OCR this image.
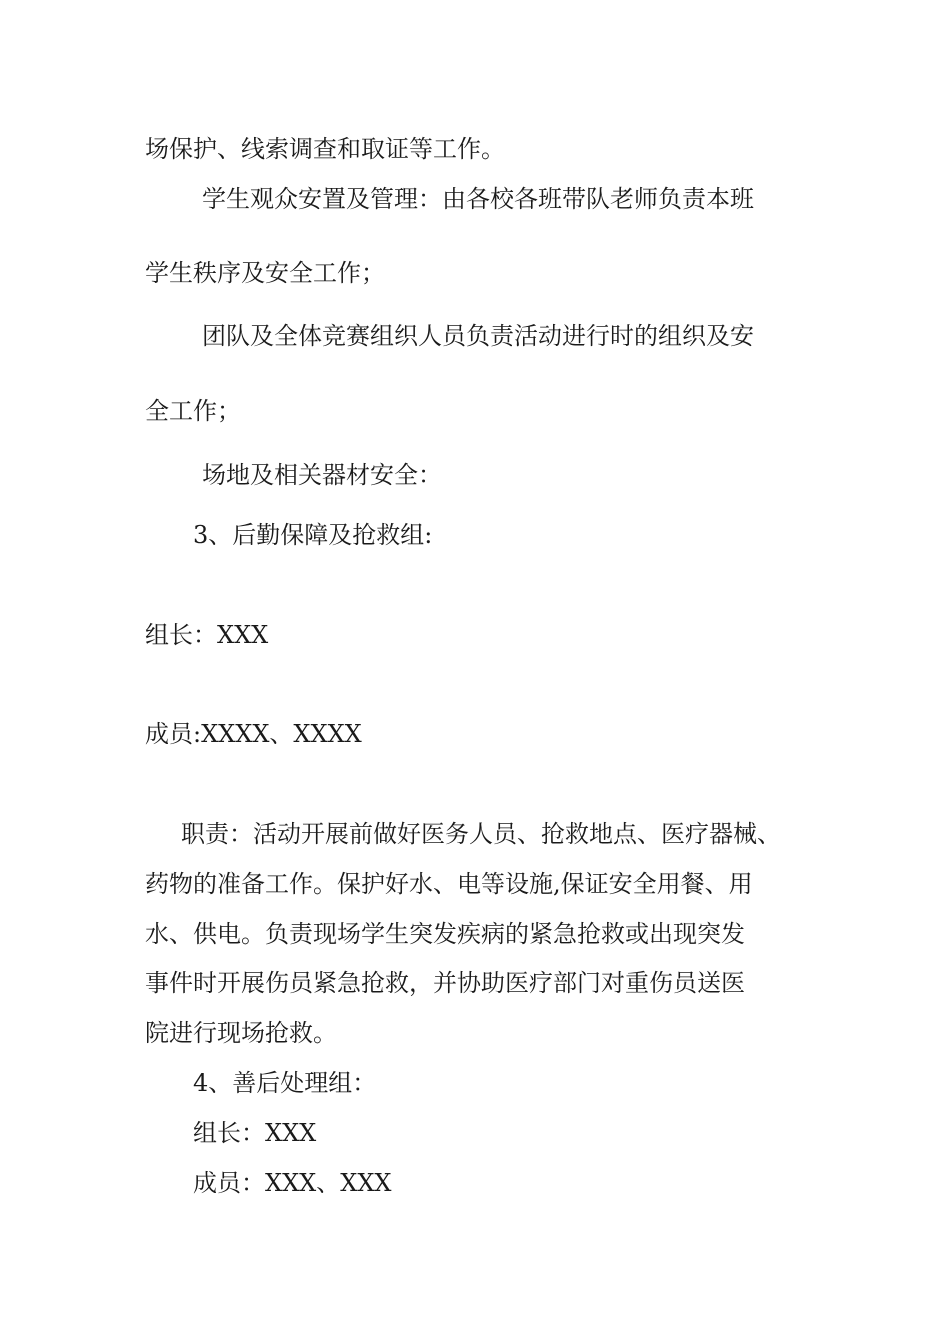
场保护、线索调查和取证等工作。
学生观众安置及管理：由各校各班带队老师负责本班
学生秩序及安全工作；
团队及全体竞赛组织人员负责活动进行时的组织及安
全工作；
场地及相关器材安全：
3、后勤保障及抢救组:
组长：XXX
成员:XXXX、XXXX
职责：活动开展前做好医务人员、抢救地点、医疗器械、
药物的准备工作。保护好水、电等设施,保证安全用餐、用
水、供电。负责现场学生突发疾病的紧急抢救或出现突发
事件时开展伤员紧急抢救，并协助医疗部门对重伤员送医
院进行现场抢救。
4、善后处理组：
组长：XXX
成员：XXX、XXX
